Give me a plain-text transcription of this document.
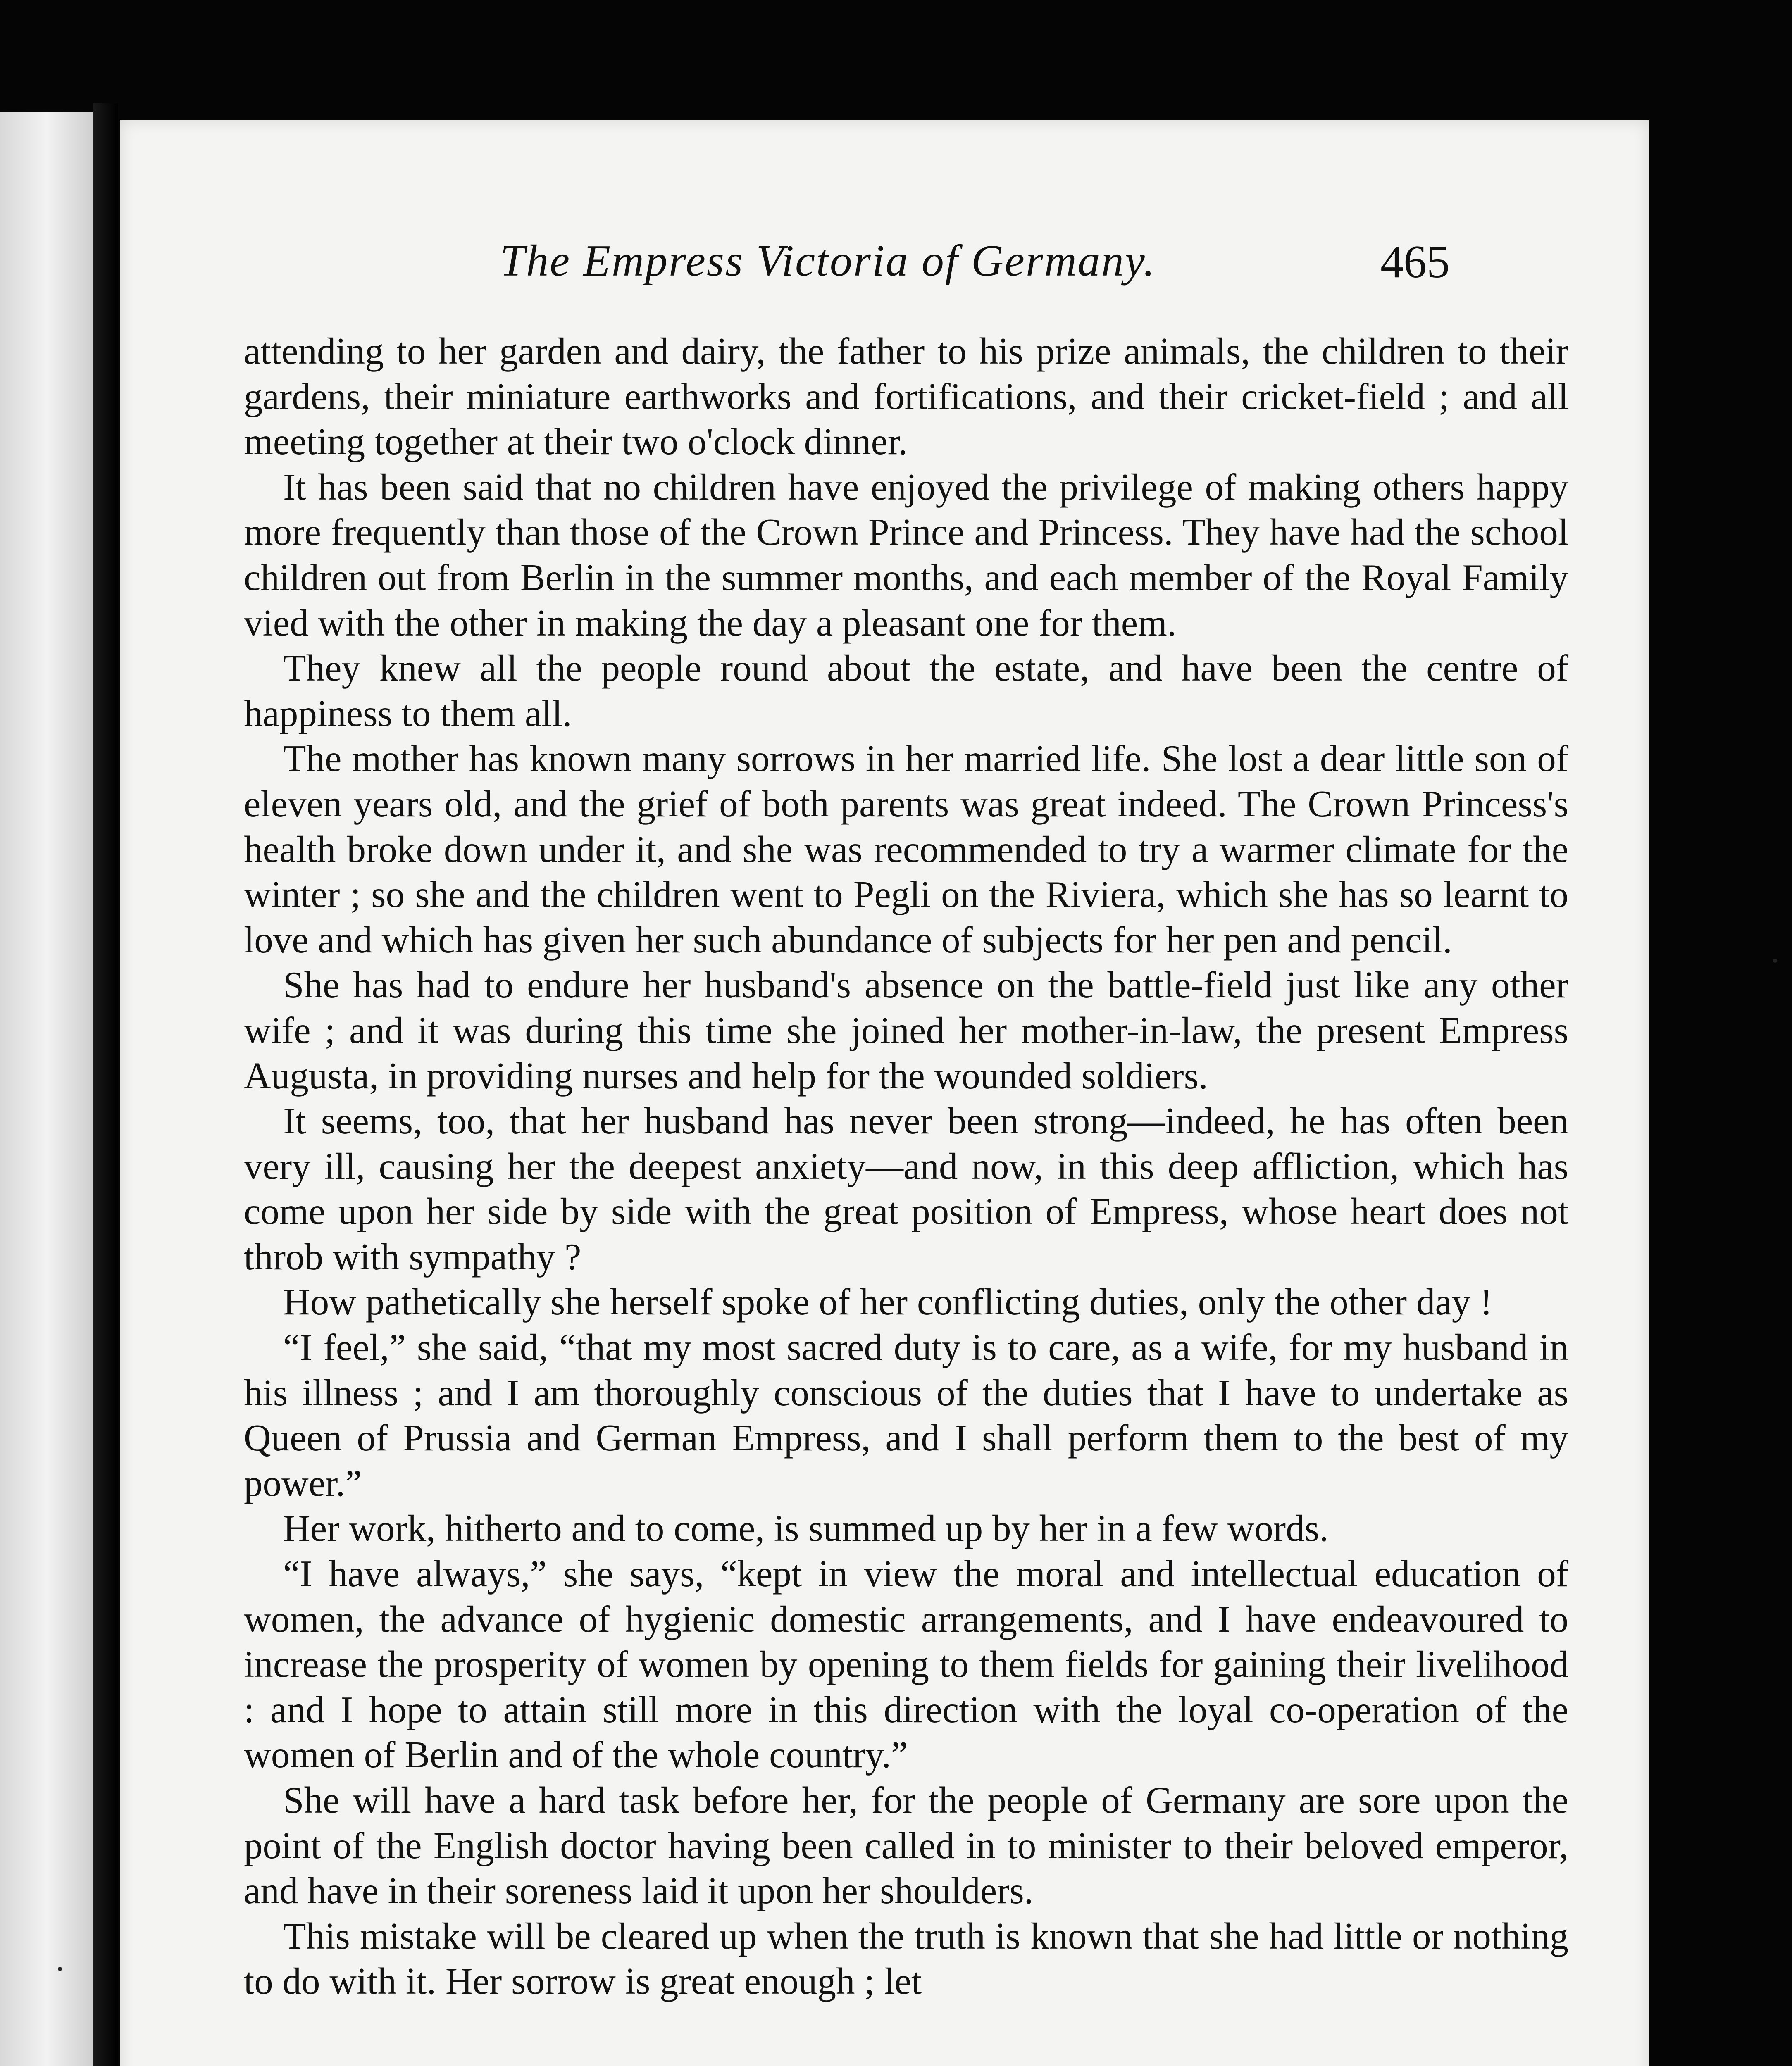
The Empress Victoria of Germany.	465

attending to her garden and dairy, the father to his prize animals, the children to their gardens, their miniature earthworks and fortifications, and their cricket-field ; and all meeting together at their two o'clock dinner.

It has been said that no children have enjoyed the privilege of making others happy more frequently than those of the Crown Prince and Princess. They have had the school children out from Berlin in the summer months, and each member of the Royal Family vied with the other in making the day a pleasant one for them.

They knew all the people round about the estate, and have been the centre of happiness to them all.

The mother has known many sorrows in her married life. She lost a dear little son of eleven years old, and the grief of both parents was great indeed. The Crown Princess's health broke down under it, and she was recommended to try a warmer climate for the winter ; so she and the children went to Pegli on the Riviera, which she has so learnt to love and which has given her such abundance of subjects for her pen and pencil.

She has had to endure her husband's absence on the battle-field just like any other wife ; and it was during this time she joined her mother-in-law, the present Empress Augusta, in providing nurses and help for the wounded soldiers.

It seems, too, that her husband has never been strong—indeed, he has often been very ill, causing her the deepest anxiety—and now, in this deep affliction, which has come upon her side by side with the great position of Empress, whose heart does not throb with sympathy ?

How pathetically she herself spoke of her conflicting duties, only the other day !

“I feel,” she said, “that my most sacred duty is to care, as a wife, for my husband in his illness ; and I am thoroughly conscious of the duties that I have to undertake as Queen of Prussia and German Empress, and I shall perform them to the best of my power.”

Her work, hitherto and to come, is summed up by her in a few words.

“I have always,” she says, “kept in view the moral and intellectual education of women, the advance of hygienic domestic arrangements, and I have endeavoured to increase the prosperity of women by opening to them fields for gaining their livelihood : and I hope to attain still more in this direction with the loyal co-operation of the women of Berlin and of the whole country.”

She will have a hard task before her, for the people of Germany are sore upon the point of the English doctor having been called in to minister to their beloved emperor, and have in their soreness laid it upon her shoulders.

This mistake will be cleared up when the truth is known that she had little or nothing to do with it. Her sorrow is great enough ; let
